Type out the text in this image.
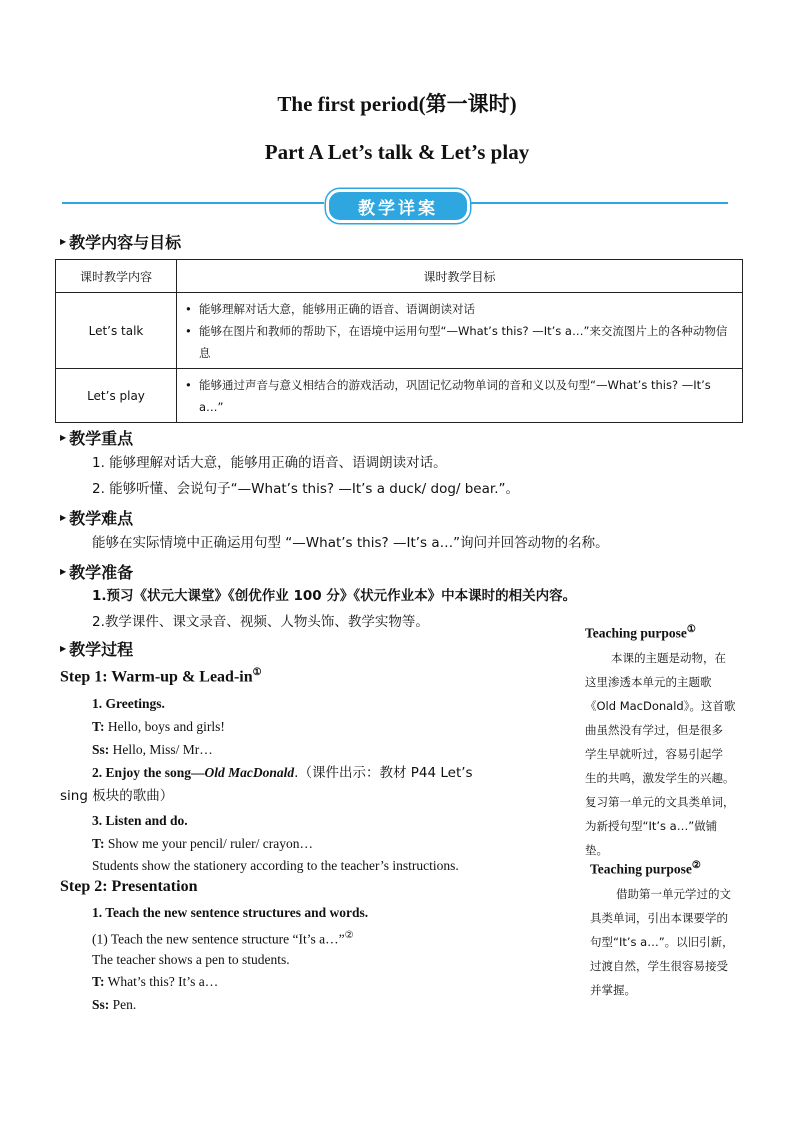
The first period(第一课时)
Part A Let’s talk & Let’s play
教学详案
▶ 教学内容与目标
课时教学内容	课时教学目标
Let’s talk	• 能够理解对话大意，能够用正确的语音、语调朗读对话
• 能够在图片和教师的帮助下，在语境中运用句型“—What’s this? —It’s a…”来交流图片上的各种动物信息

Let’s play	• 能够通过声音与意义相结合的游戏活动，巩固记忆动物单词的音和义以及句型“—What’s this? —It’s a…”
▶ 教学重点
1. 能够理解对话大意，能够用正确的语音、语调朗读对话。
2. 能够听懂、会说句子“—What’s this? —It’s a duck/ dog/ bear.”。
▶ 教学难点
能够在实际情境中正确运用句型 “—What’s this? —It’s a…”询问并回答动物的名称。
▶ 教学准备
1.预习《状元大课堂》《创优作业 100 分》《状元作业本》中本课时的相关内容。
2.教学课件、课文录音、视频、人物头饰、教学实物等。
▶ 教学过程
Step 1: Warm-up & Lead-in①
1. Greetings.
T: Hello, boys and girls!
Ss: Hello, Miss/ Mr…
2. Enjoy the song—Old MacDonald.（课件出示：教材 P44 Let’s
sing 板块的歌曲）
3. Listen and do.
T: Show me your pencil/ ruler/ crayon…
Students show the stationery according to the teacher’s instructions.
Step 2: Presentation
1. Teach the new sentence structures and words.
(1) Teach the new sentence structure “It’s a…”②
The teacher shows a pen to students.
T: What’s this? It’s a…
Ss: Pen.
Teaching purpose①
本课的主题是动物，在
这里渗透本单元的主题歌
《Old MacDonald》。这首歌
曲虽然没有学过，但是很多
学生早就听过，容易引起学
生的共鸣，激发学生的兴趣。
复习第一单元的文具类单词，
为新授句型“It’s a…”做铺
垫。
Teaching purpose②
借助第一单元学过的文
具类单词，引出本课要学的
句型“It’s a…”。以旧引新，
过渡自然，学生很容易接受
并掌握。
